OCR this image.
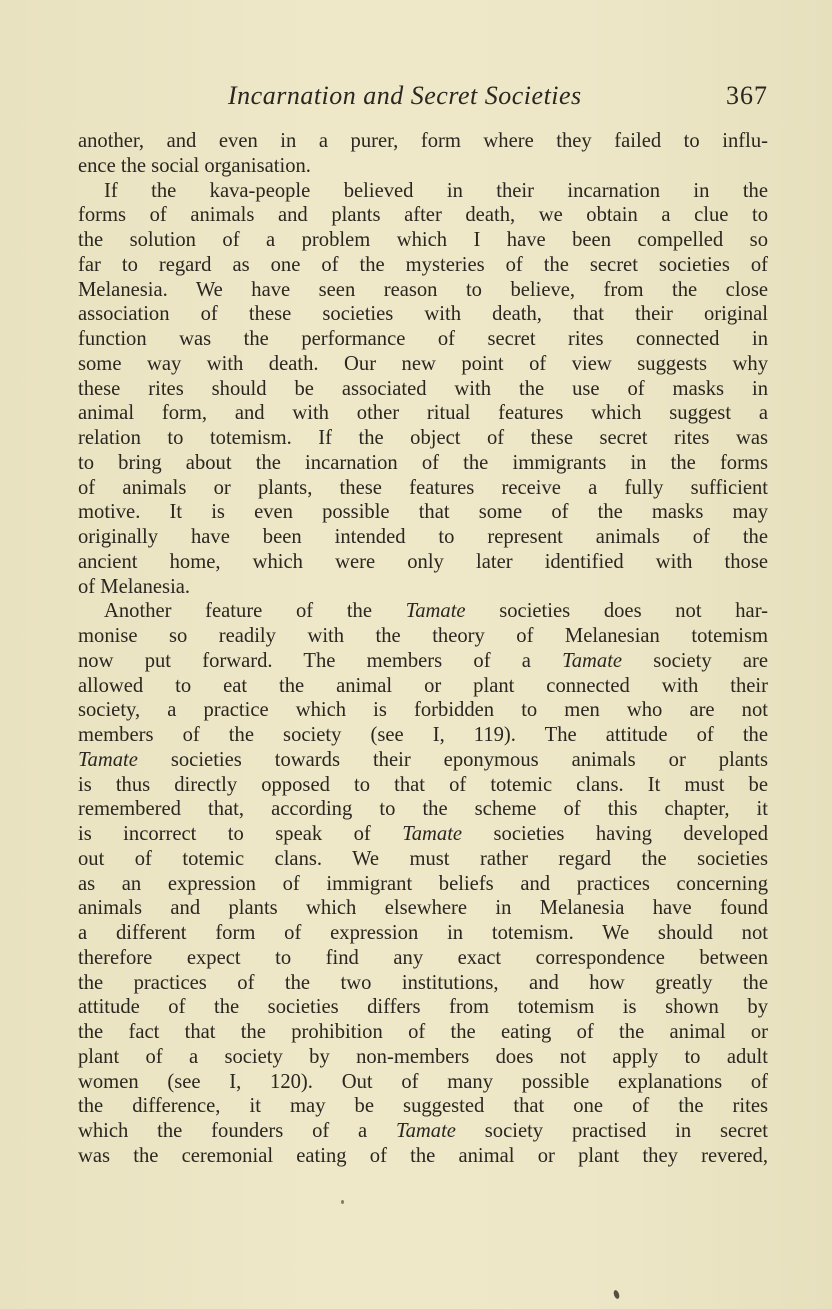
Incarnation and Secret Societies	367
another, and even in a purer, form where they failed to influ-
ence the social organisation.
If the kava-people believed in their incarnation in the
forms of animals and plants after death, we obtain a clue to
the solution of a problem which I have been compelled so
far to regard as one of the mysteries of the secret societies of
Melanesia. We have seen reason to believe, from the close
association of these societies with death, that their original
function was the performance of secret rites connected in
some way with death. Our new point of view suggests why
these rites should be associated with the use of masks in
animal form, and with other ritual features which suggest a
relation to totemism. If the object of these secret rites was
to bring about the incarnation of the immigrants in the forms
of animals or plants, these features receive a fully sufficient
motive. It is even possible that some of the masks may
originally have been intended to represent animals of the
ancient home, which were only later identified with those
of Melanesia.
Another feature of the Tamate societies does not har-
monise so readily with the theory of Melanesian totemism
now put forward. The members of a Tamate society are
allowed to eat the animal or plant connected with their
society, a practice which is forbidden to men who are not
members of the society (see I, 119). The attitude of the
Tamate societies towards their eponymous animals or plants
is thus directly opposed to that of totemic clans. It must be
remembered that, according to the scheme of this chapter, it
is incorrect to speak of Tamate societies having developed
out of totemic clans. We must rather regard the societies
as an expression of immigrant beliefs and practices concerning
animals and plants which elsewhere in Melanesia have found
a different form of expression in totemism. We should not
therefore expect to find any exact correspondence between
the practices of the two institutions, and how greatly the
attitude of the societies differs from totemism is shown by
the fact that the prohibition of the eating of the animal or
plant of a society by non-members does not apply to adult
women (see I, 120). Out of many possible explanations of
the difference, it may be suggested that one of the rites
which the founders of a Tamate society practised in secret
was the ceremonial eating of the animal or plant they revered,
